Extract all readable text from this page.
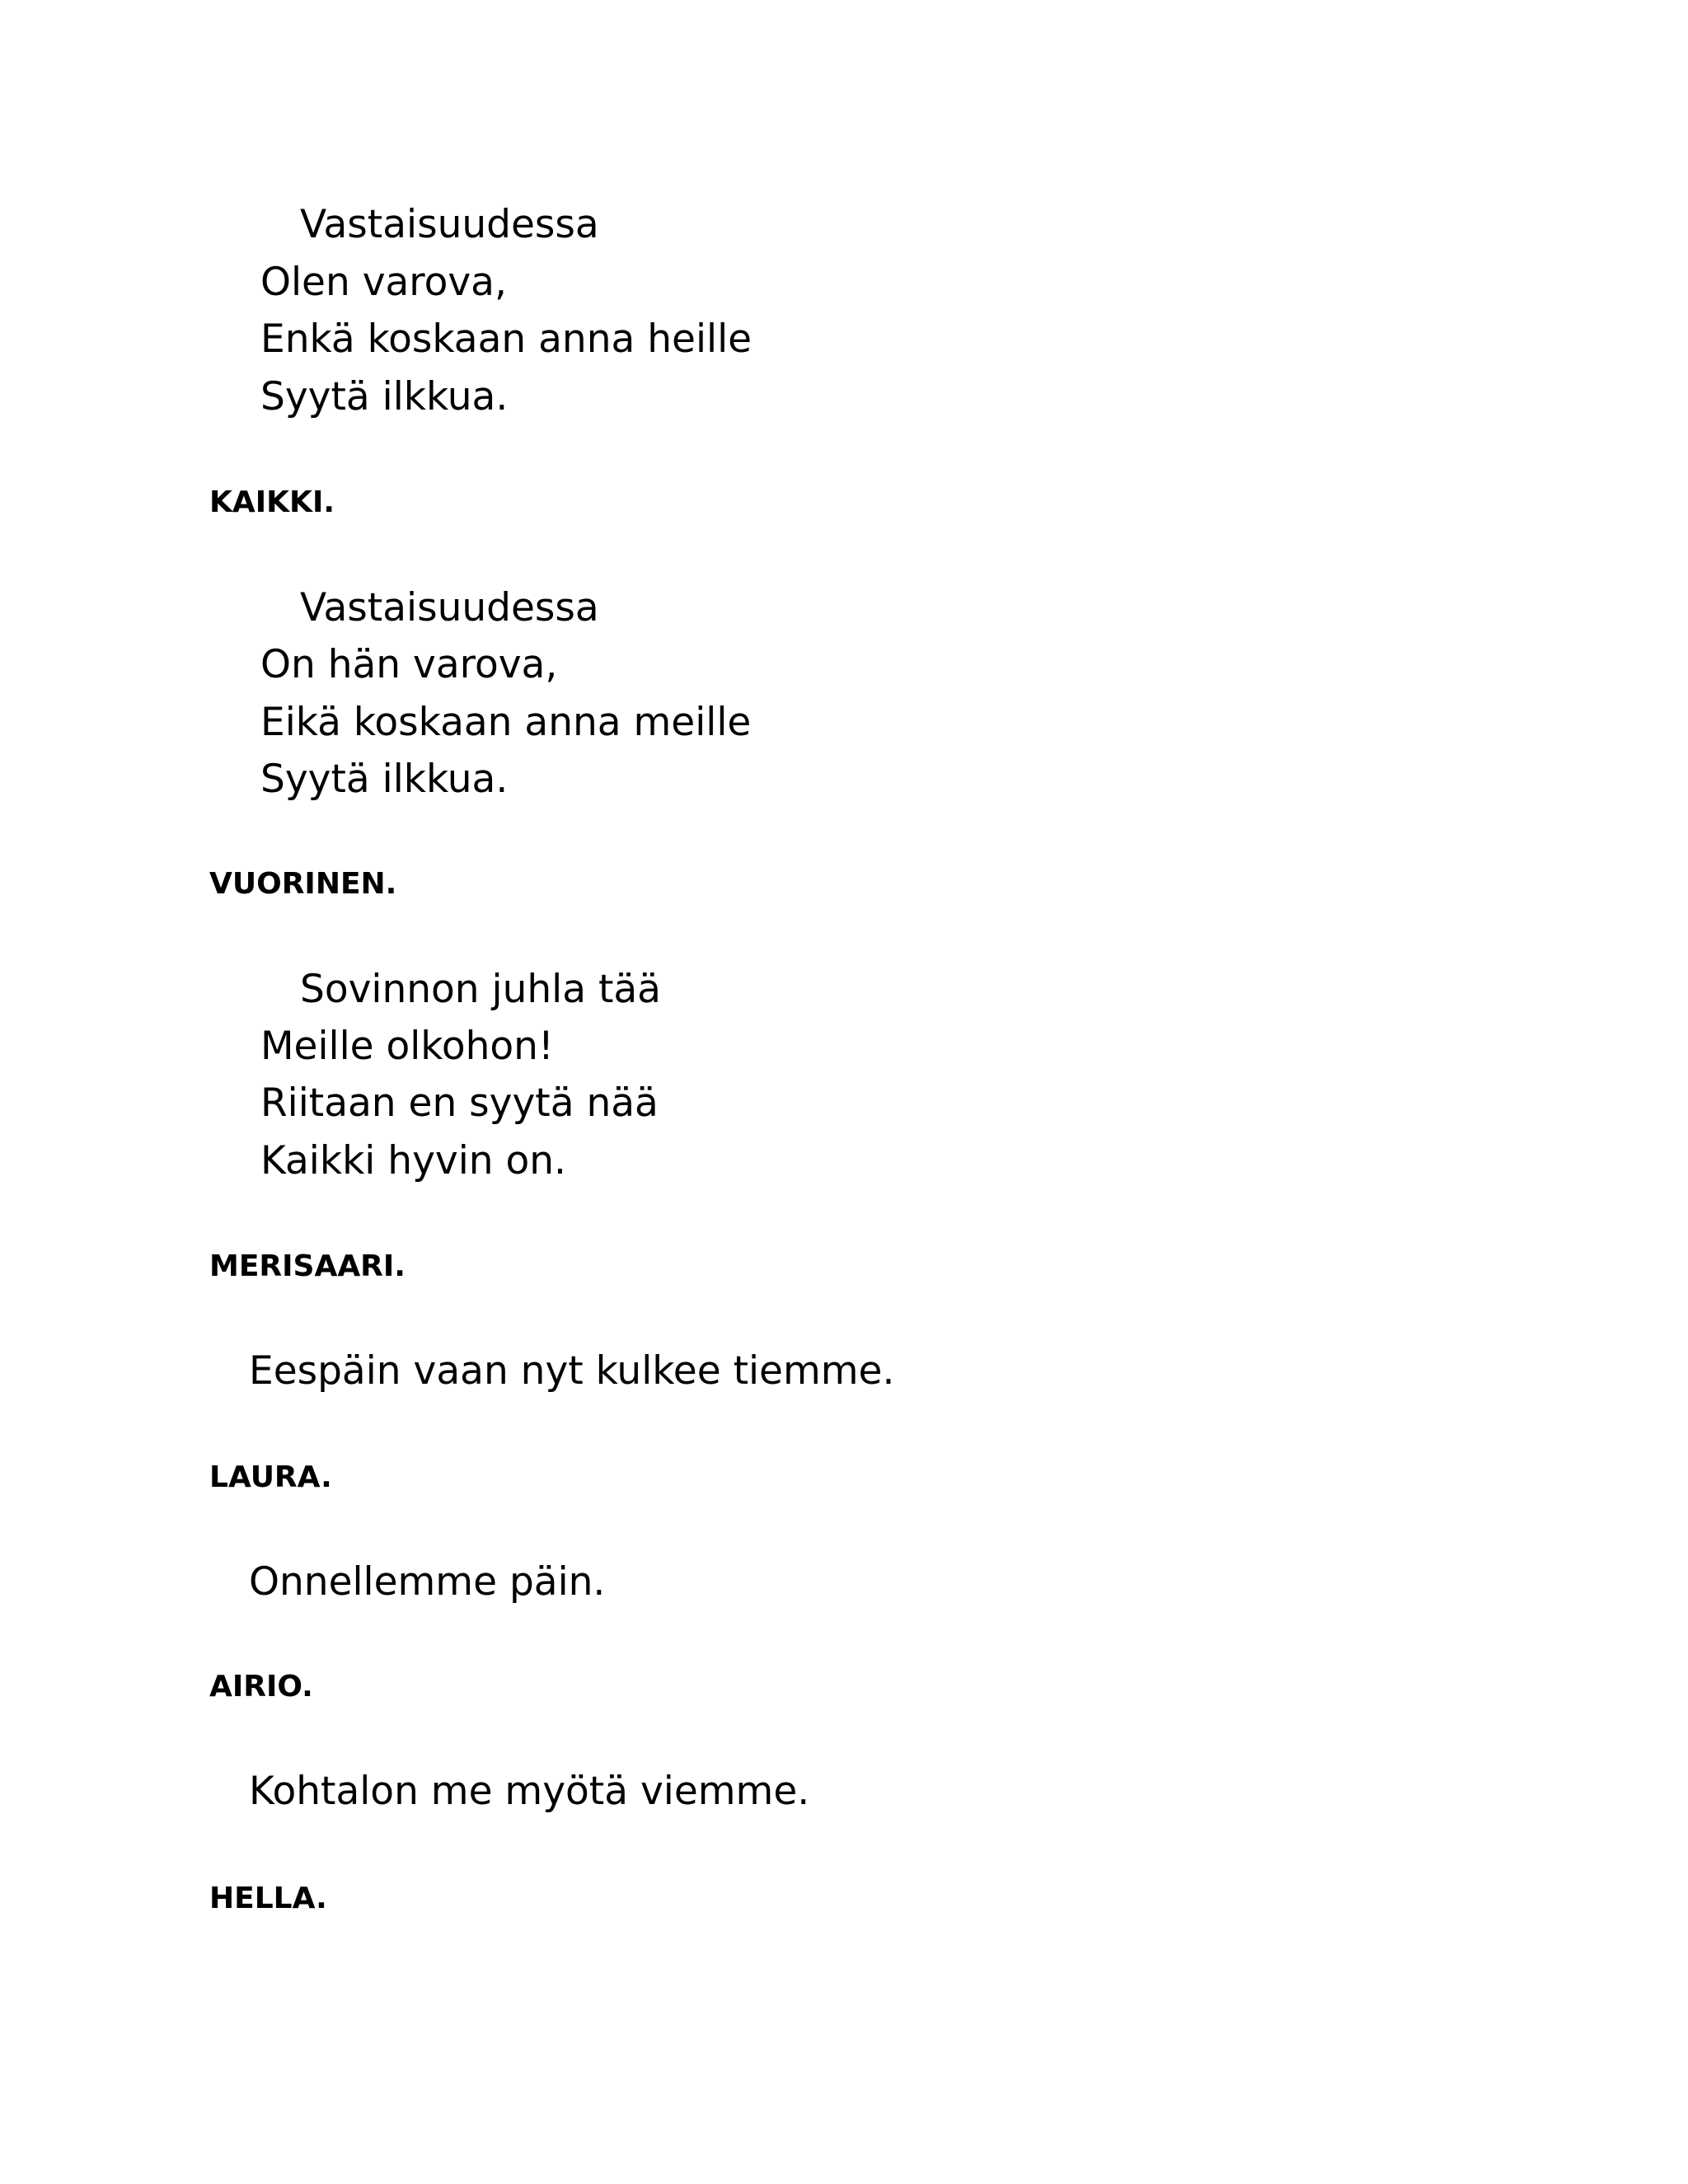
Vastaisuudessa
Olen varova,
Enkä koskaan anna heille
Syytä ilkkua.
KAIKKI.
Vastaisuudessa
On hän varova,
Eikä koskaan anna meille
Syytä ilkkua.
VUORINEN.
Sovinnon juhla tää
Meille olkohon!
Riitaan en syytä nää
Kaikki hyvin on.
MERISAARI.
Eespäin vaan nyt kulkee tiemme.
LAURA.
Onnellemme päin.
AIRIO.
Kohtalon me myötä viemme.
HELLA.
